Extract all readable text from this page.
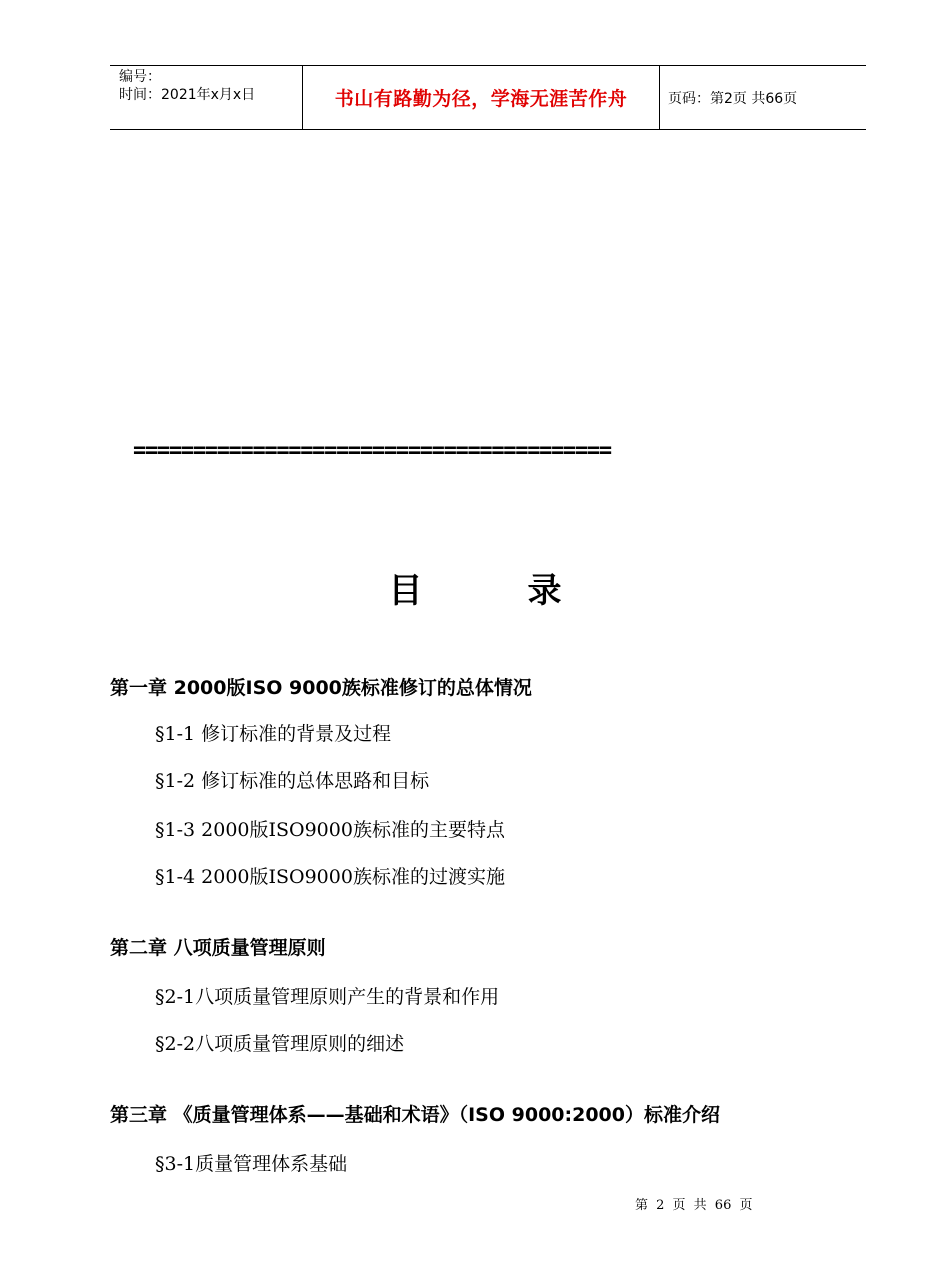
编号：
时间：2021年x月x日	书山有路勤为径，学海无涯苦作舟	页码：第2页 共66页
========================================
目录
第一章 2000版ISO 9000族标准修订的总体情况
§1-1 修订标准的背景及过程
§1-2 修订标准的总体思路和目标
§1-3 2000版ISO9000族标准的主要特点
§1-4 2000版ISO9000族标准的过渡实施
第二章 八项质量管理原则
§2-1八项质量管理原则产生的背景和作用
§2-2八项质量管理原则的细述
第三章 《质量管理体系——基础和术语》（ISO 9000:2000）标准介绍
§3-1质量管理体系基础
第 2 页 共 66 页
